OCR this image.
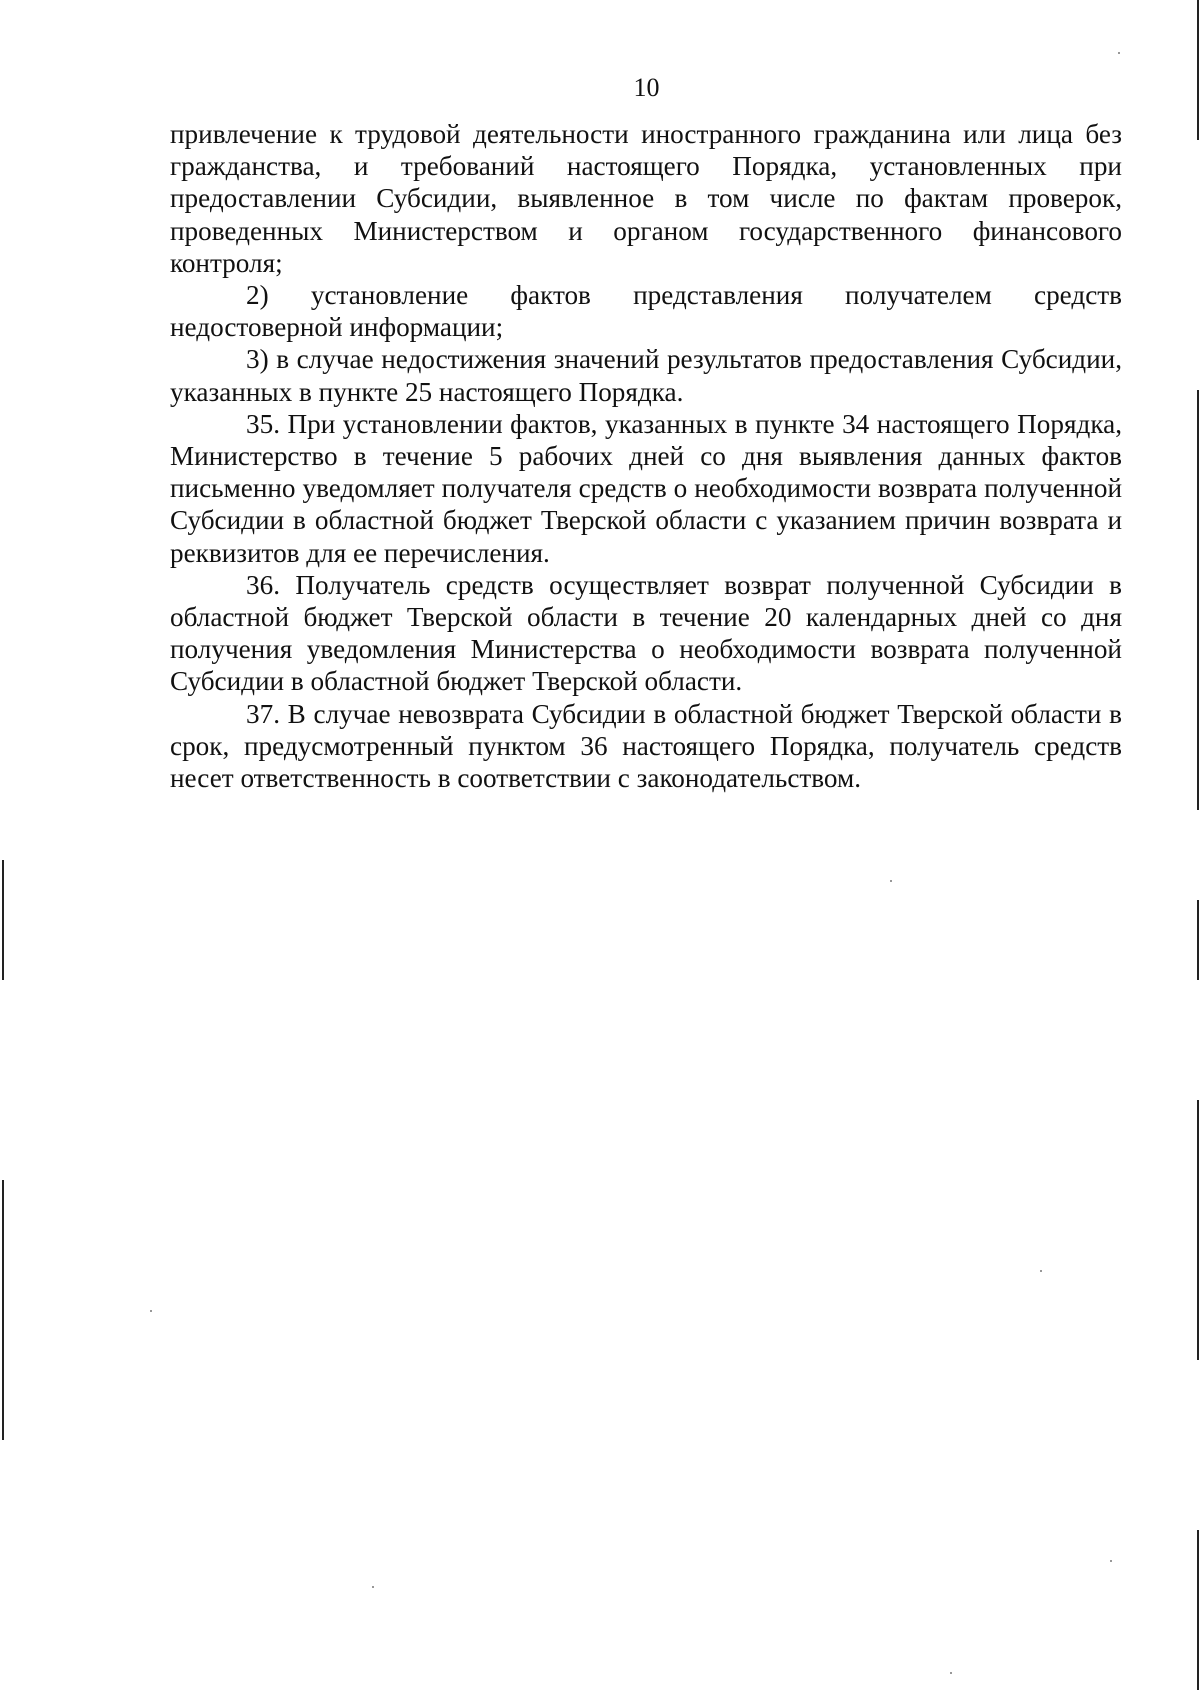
10

привлечение к трудовой деятельности иностранного гражданина или лица без гражданства, и требований настоящего Порядка, установленных при предоставлении Субсидии, выявленное в том числе по фактам проверок, проведенных Министерством и органом государственного финансового контроля;

2) установление фактов представления получателем средств недостоверной информации;

3) в случае недостижения значений результатов предоставления Субсидии, указанных в пункте 25 настоящего Порядка.

35. При установлении фактов, указанных в пункте 34 настоящего Порядка, Министерство в течение 5 рабочих дней со дня выявления данных фактов письменно уведомляет получателя средств о необходимости возврата полученной Субсидии в областной бюджет Тверской области с указанием причин возврата и реквизитов для ее перечисления.

36. Получатель средств осуществляет возврат полученной Субсидии в областной бюджет Тверской области в течение 20 календарных дней со дня получения уведомления Министерства о необходимости возврата полученной Субсидии в областной бюджет Тверской области.

37. В случае невозврата Субсидии в областной бюджет Тверской области в срок, предусмотренный пунктом 36 настоящего Порядка, получатель средств несет ответственность в соответствии с законодательством.
